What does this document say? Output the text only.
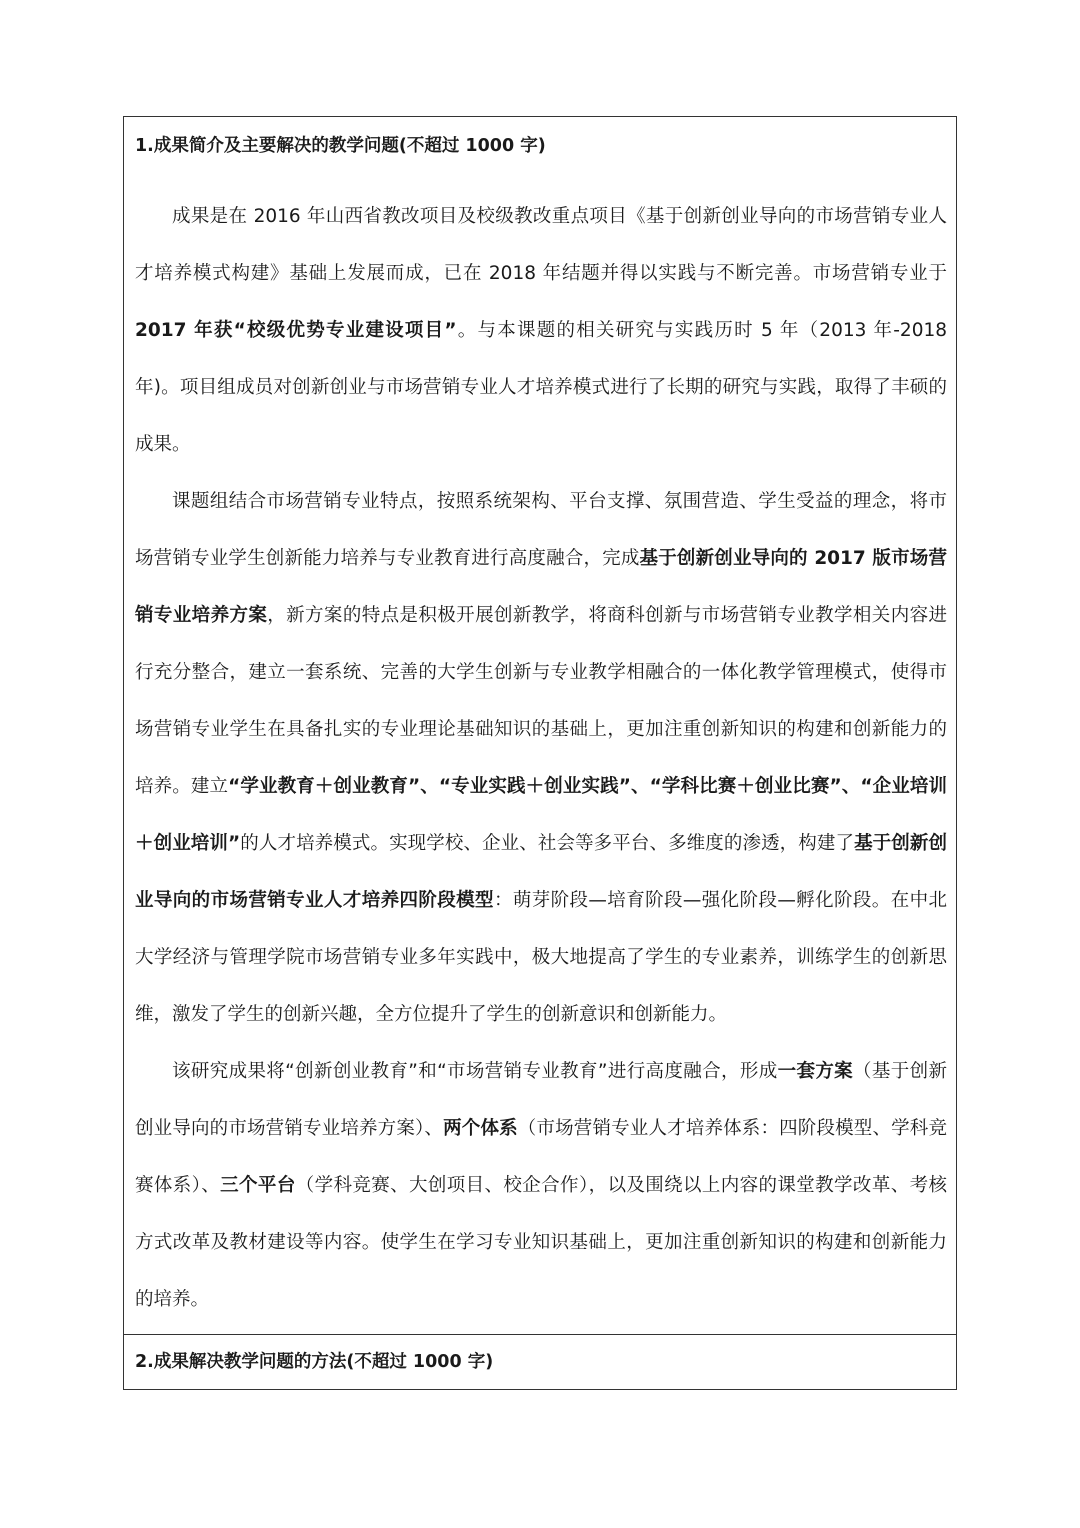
1.成果简介及主要解决的教学问题(不超过 1000 字)

成果是在 2016 年山西省教改项目及校级教改重点项目《基于创新创业导向的市场营销专业人才培养模式构建》基础上发展而成，已在 2018 年结题并得以实践与不断完善。市场营销专业于2017 年获“校级优势专业建设项目”。与本课题的相关研究与实践历时 5 年（2013 年-2018 年)。项目组成员对创新创业与市场营销专业人才培养模式进行了长期的研究与实践，取得了丰硕的成果。

课题组结合市场营销专业特点，按照系统架构、平台支撑、氛围营造、学生受益的理念，将市场营销专业学生创新能力培养与专业教育进行高度融合，完成基于创新创业导向的 2017 版市场营销专业培养方案，新方案的特点是积极开展创新教学，将商科创新与市场营销专业教学相关内容进行充分整合，建立一套系统、完善的大学生创新与专业教学相融合的一体化教学管理模式，使得市场营销专业学生在具备扎实的专业理论基础知识的基础上，更加注重创新知识的构建和创新能力的培养。建立“学业教育＋创业教育”、“专业实践＋创业实践”、“学科比赛＋创业比赛”、“企业培训＋创业培训”的人才培养模式。实现学校、企业、社会等多平台、多维度的渗透，构建了基于创新创业导向的市场营销专业人才培养四阶段模型：萌芽阶段—培育阶段—强化阶段—孵化阶段。在中北大学经济与管理学院市场营销专业多年实践中，极大地提高了学生的专业素养，训练学生的创新思维，激发了学生的创新兴趣，全方位提升了学生的创新意识和创新能力。

该研究成果将“创新创业教育”和“市场营销专业教育”进行高度融合，形成一套方案（基于创新创业导向的市场营销专业培养方案）、两个体系（市场营销专业人才培养体系：四阶段模型、学科竞赛体系）、三个平台（学科竞赛、大创项目、校企合作），以及围绕以上内容的课堂教学改革、考核方式改革及教材建设等内容。使学生在学习专业知识基础上，更加注重创新知识的构建和创新能力的培养。

2.成果解决教学问题的方法(不超过 1000 字)
